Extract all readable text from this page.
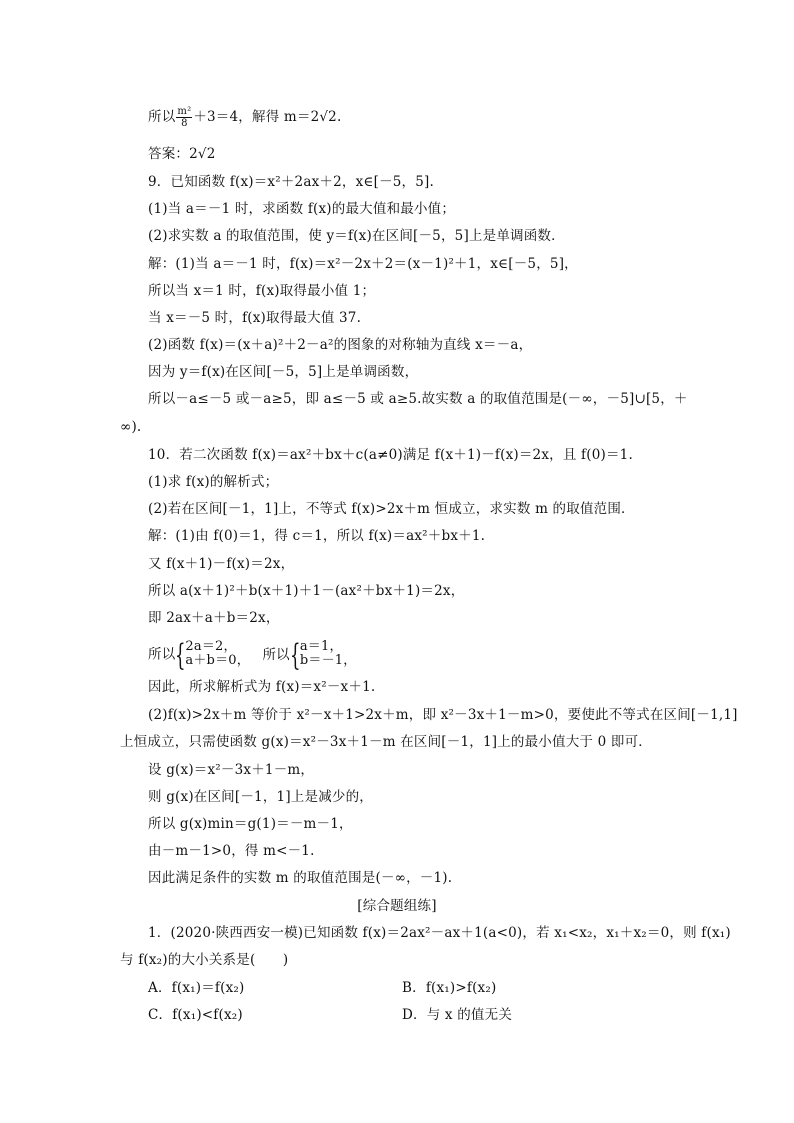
所以 $\frac{\text{m²}}{8} +3=4$，解得 m＝2√2.
答案：2√2
9．已知函数 f(x)＝x²＋2ax＋2，x∈[－5，5].
(1)当 a＝－1 时，求函数 f(x)的最大值和最小值；
(2)求实数 a 的取值范围，使 y＝f(x)在区间[－5，5]上是单调函数．
解：(1)当 a＝－1 时，f(x)＝x²－2x＋2＝(x－1)²＋1，x∈[－5，5]，
所以当 x＝1 时，f(x)取得最小值 1；
当 x＝－5 时，f(x)取得最大值 37.
(2)函数 f(x)＝(x＋a)²＋2－a²的图象的对称轴为直线 x＝－a，
因为 y＝f(x)在区间[－5，5]上是单调函数，
所以－a≤－5 或－a≥5，即 a≤－5 或 a≥5.故实数 a 的取值范围是(－∞，－5]∪[5，＋
∞).
10．若二次函数 f(x)＝ax²＋bx＋c(a≠0)满足 f(x＋1)－f(x)＝2x，且 f(0)＝1.
(1)求 f(x)的解析式；
(2)若在区间[－1，1]上，不等式 f(x)>2x＋m 恒成立，求实数 m 的取值范围．
解：(1)由 f(0)＝1，得 c＝1，所以 f(x)＝ax²＋bx＋1.
又 f(x＋1)－f(x)＝2x，
所以 a(x＋1)²＋b(x＋1)＋1－(ax²＋bx＋1)＝2x，
即 2ax＋a＋b＝2x，
所以 { 2a＝2，
a＋b＝0， 所以 { a＝1，
b＝－1，
因此，所求解析式为 f(x)＝x²－x＋1.
(2)f(x)>2x＋m 等价于 x²－x＋1>2x＋m，即 x²－3x＋1－m>0，要使此不等式在区间[－1,1]
上恒成立，只需使函数 g(x)＝x²－3x＋1－m 在区间[－1，1]上的最小值大于 0 即可．
设 g(x)＝x²－3x＋1－m，
则 g(x)在区间[－1，1]上是减少的，
所以 g(x)min＝g(1)＝－m－1，
由－m－1>0，得 m<－1.
因此满足条件的实数 m 的取值范围是(－∞，－1).
[综合题组练]
1．(2020·陕西西安一模)已知函数 f(x)＝2ax²－ax＋1(a<0)，若 x₁<x₂，x₁＋x₂＝0，则 f(x₁)
与 f(x₂)的大小关系是(　　)
A．f(x₁)＝f(x₂)	B．f(x₁)>f(x₂)
C．f(x₁)<f(x₂)	D．与 x 的值无关
